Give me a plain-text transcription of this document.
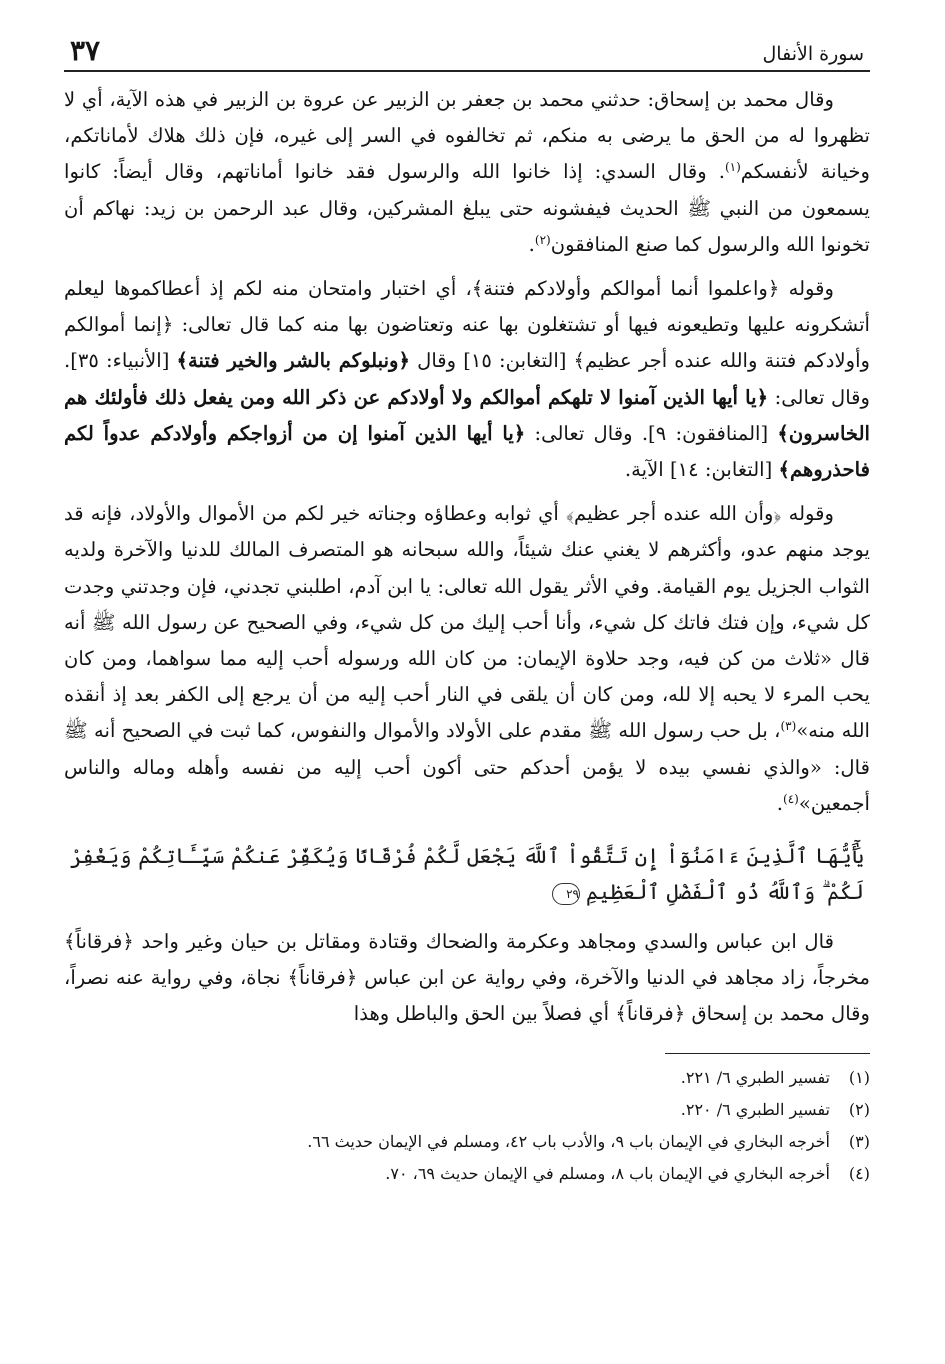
سورة الأنفال
٣٧

وقال محمد بن إسحاق: حدثني محمد بن جعفر بن الزبير عن عروة بن الزبير في هذه الآية، أي لا تظهروا له من الحق ما يرضى به منكم، ثم تخالفوه في السر إلى غيره، فإن ذلك هلاك لأماناتكم، وخيانة لأنفسكم$^{(١)}$. وقال السدي: إذا خانوا الله والرسول فقد خانوا أماناتهم، وقال أيضاً: كانوا يسمعون من النبي ﷺ الحديث فيفشونه حتى يبلغ المشركين، وقال عبد الرحمن بن زيد: نهاكم أن تخونوا الله والرسول كما صنع المنافقون$^{(٢)}$.

وقوله ﴿واعلموا أنما أموالكم وأولادكم فتنة﴾، أي اختبار وامتحان منه لكم إذ أعطاكموها ليعلم أتشكرونه عليها وتطيعونه فيها أو تشتغلون بها عنه وتعتاضون بها منه كما قال تعالى: ﴿إنما أموالكم وأولادكم فتنة والله عنده أجر عظيم﴾ [التغابن: ١٥] وقال ﴿ونبلوكم بالشر والخير فتنة﴾ [الأنبياء: ٣٥]. وقال تعالى: ﴿يا أيها الذين آمنوا لا تلهكم أموالكم ولا أولادكم عن ذكر الله ومن يفعل ذلك فأولئك هم الخاسرون﴾ [المنافقون: ٩]. وقال تعالى: ﴿يا أيها الذين آمنوا إن من أزواجكم وأولادكم عدواً لكم فاحذروهم﴾ [التغابن: ١٤] الآية.

وقوله ﴿وأن الله عنده أجر عظيم﴾ أي ثوابه وعطاؤه وجناته خير لكم من الأموال والأولاد، فإنه قد يوجد منهم عدو، وأكثرهم لا يغني عنك شيئاً، والله سبحانه هو المتصرف المالك للدنيا والآخرة ولديه الثواب الجزيل يوم القيامة. وفي الأثر يقول الله تعالى: يا ابن آدم، اطلبني تجدني، فإن وجدتني وجدت كل شيء، وإن فتك فاتك كل شيء، وأنا أحب إليك من كل شيء، وفي الصحيح عن رسول الله ﷺ أنه قال «ثلاث من كن فيه، وجد حلاوة الإيمان: من كان الله ورسوله أحب إليه مما سواهما، ومن كان يحب المرء لا يحبه إلا لله، ومن كان أن يلقى في النار أحب إليه من أن يرجع إلى الكفر بعد إذ أنقذه الله منه»$^{(٣)}$، بل حب رسول الله ﷺ مقدم على الأولاد والأموال والنفوس، كما ثبت في الصحيح أنه ﷺ قال: «والذي نفسي بيده لا يؤمن أحدكم حتى أكون أحب إليه من نفسه وأهله وماله والناس أجمعين»$^{(٤)}$.

يَٰٓأَيُّهَا ٱلَّذِينَ ءَامَنُوٓاْ إِن تَتَّقُواْ ٱللَّهَ يَجْعَل لَّكُمْ فُرْقَانًا وَيُكَفِّرْ عَنكُمْ سَيِّـَٔاتِكُمْ وَيَغْفِرْ لَكُمْ ۗ وَٱللَّهُ ذُو ٱلْفَضْلِ ٱلْعَظِيمِ٢٩

قال ابن عباس والسدي ومجاهد وعكرمة والضحاك وقتادة ومقاتل بن حيان وغير واحد ﴿فرقاناً﴾ مخرجاً، زاد مجاهد في الدنيا والآخرة، وفي رواية عن ابن عباس ﴿فرقاناً﴾ نجاة، وفي رواية عنه نصراً، وقال محمد بن إسحاق ﴿فرقاناً﴾ أي فصلاً بين الحق والباطل وهذا

(١)
تفسير الطبري ٦/ ٢٢١.
(٢)
تفسير الطبري ٦/ ٢٢٠.
(٣)
أخرجه البخاري في الإيمان باب ٩، والأدب باب ٤٢، ومسلم في الإيمان حديث ٦٦.
(٤)
أخرجه البخاري في الإيمان باب ٨، ومسلم في الإيمان حديث ٦٩، ٧٠.
